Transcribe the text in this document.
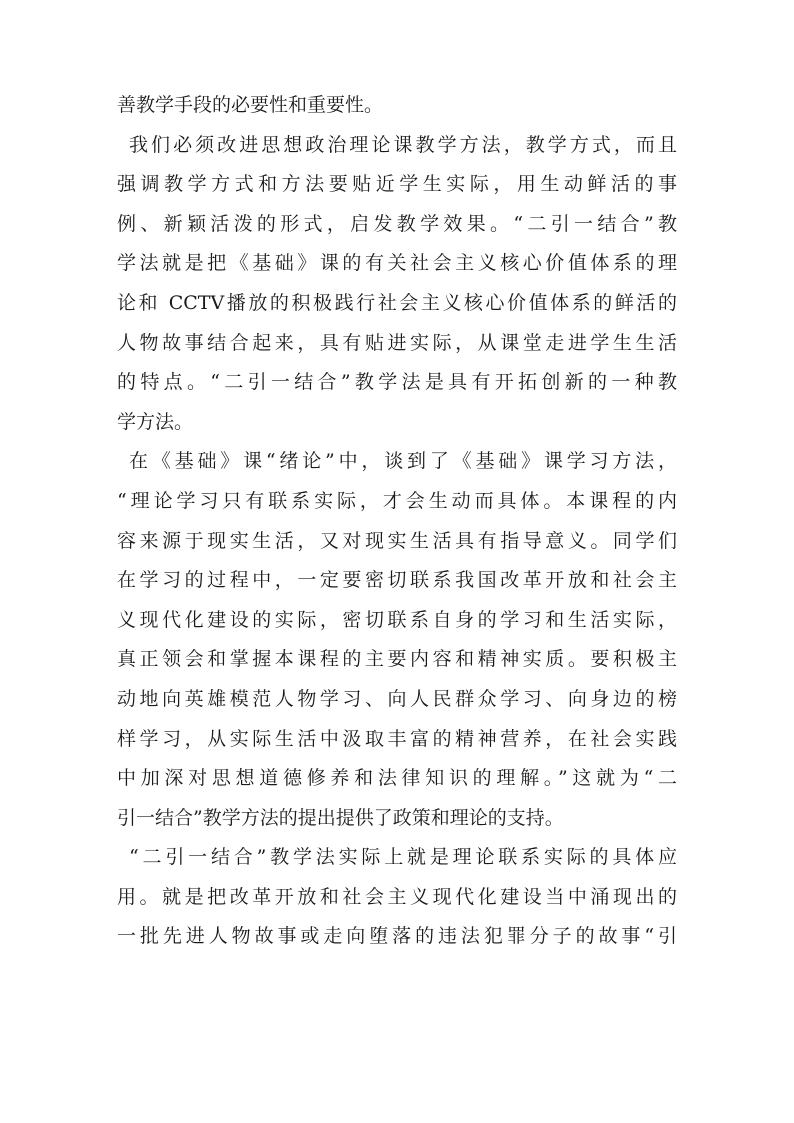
善教学手段的必要性和重要性。
我们必须改进思想政治理论课教学方法，教学方式，而且
强调教学方式和方法要贴近学生实际，用生动鲜活的事
例、新颖活泼的形式，启发教学效果。“二引一结合”教
学法就是把《基础》课的有关社会主义核心价值体系的理
论和 CCTV播放的积极践行社会主义核心价值体系的鲜活的
人物故事结合起来，具有贴进实际，从课堂走进学生生活
的特点。“二引一结合”教学法是具有开拓创新的一种教
学方法。
在《基础》课“绪论”中，谈到了《基础》课学习方法，
“理论学习只有联系实际，才会生动而具体。本课程的内
容来源于现实生活，又对现实生活具有指导意义。同学们
在学习的过程中，一定要密切联系我国改革开放和社会主
义现代化建设的实际，密切联系自身的学习和生活实际，
真正领会和掌握本课程的主要内容和精神实质。要积极主
动地向英雄模范人物学习、向人民群众学习、向身边的榜
样学习，从实际生活中汲取丰富的精神营养，在社会实践
中加深对思想道德修养和法律知识的理解。”这就为“二
引一结合”教学方法的提出提供了政策和理论的支持。
“二引一结合”教学法实际上就是理论联系实际的具体应
用。就是把改革开放和社会主义现代化建设当中涌现出的
一批先进人物故事或走向堕落的违法犯罪分子的故事“引
